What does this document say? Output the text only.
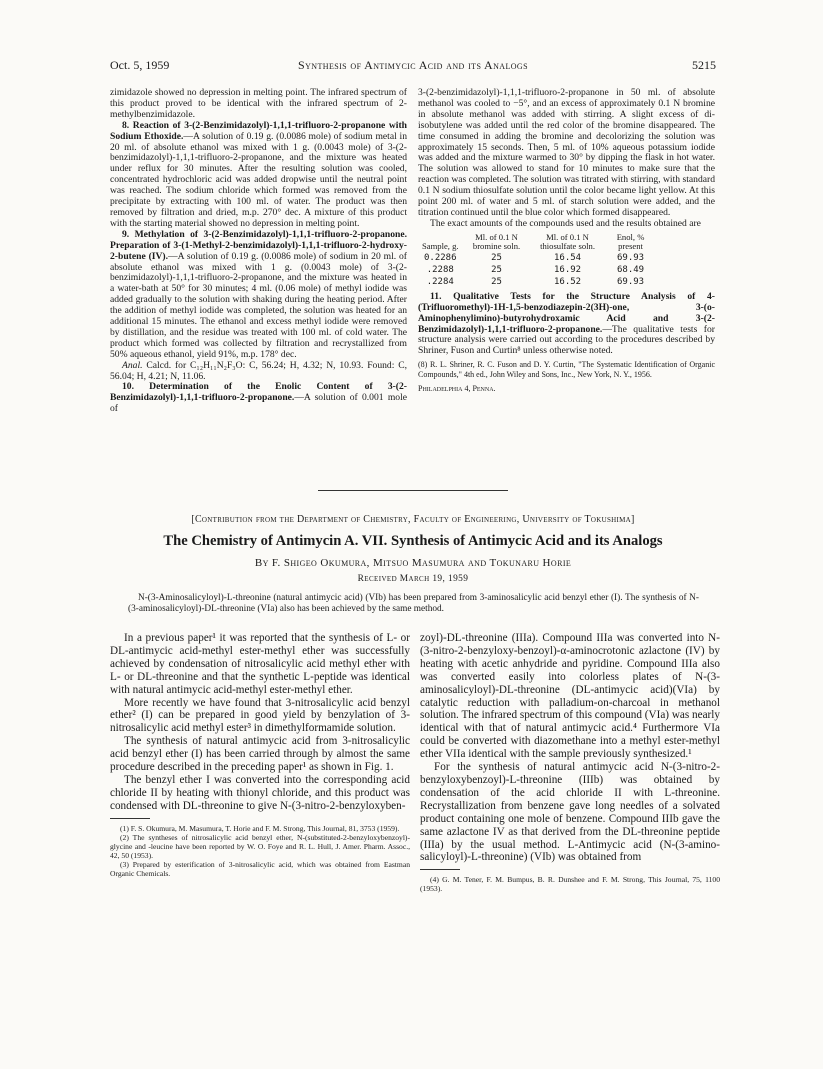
Oct. 5, 1959	Synthesis of Antimycic Acid and its Analogs	5215

zimidazole showed no depression in melting point. The infrared spectrum of this product proved to be identical with the infrared spectrum of 2-methylbenzimidazole.

8. Reaction of 3-(2-Benzimidazolyl)-1,1,1-trifluoro-2-propanone with Sodium Ethoxide.—A solution of 0.19 g. (0.0086 mole) of sodium metal in 20 ml. of absolute ethanol was mixed with 1 g. (0.0043 mole) of 3-(2-benzimidazolyl)-1,1,1-trifluoro-2-propanone, and the mixture was heated under reflux for 30 minutes. After the resulting solution was cooled, concentrated hydrochloric acid was added dropwise until the neutral point was reached. The sodium chloride which formed was removed from the precipitate by extracting with 100 ml. of water. The product was then removed by filtration and dried, m.p. 270° dec. A mixture of this product with the starting material showed no depression in melting point.

9. Methylation of 3-(2-Benzimidazolyl)-1,1,1-trifluoro-2-propanone. Preparation of 3-(1-Methyl-2-benzimidazolyl)-1,1,1-trifluoro-2-hydroxy-2-butene (IV).—A solution of 0.19 g. (0.0086 mole) of sodium in 20 ml. of absolute ethanol was mixed with 1 g. (0.0043 mole) of 3-(2-benzimidazolyl)-1,1,1-trifluoro-2-propanone, and the mixture was heated in a water-bath at 50° for 30 minutes; 4 ml. (0.06 mole) of methyl iodide was added gradually to the solution with shaking during the heating period. After the addition of methyl iodide was completed, the solution was heated for an additional 15 minutes. The ethanol and excess methyl iodide were removed by distillation, and the residue was treated with 100 ml. of cold water. The product which formed was collected by filtration and recrystallized from 50% aqueous ethanol, yield 91%, m.p. 178° dec.

Anal. Calcd. for C₁₂H₁₁N₂F₃O: C, 56.24; H, 4.32; N, 10.93. Found: C, 56.04; H, 4.21; N, 11.06.

10. Determination of the Enolic Content of 3-(2-Benzimidazolyl)-1,1,1-trifluoro-2-propanone.—A solution of 0.001 mole of

3-(2-benzimidazolyl)-1,1,1-trifluoro-2-propanone in 50 ml. of absolute methanol was cooled to −5°, and an excess of approximately 0.1 N bromine in absolute methanol was added with stirring. A slight excess of di-isobutylene was added until the red color of the bromine disappeared. The time consumed in adding the bromine and decolorizing the solution was approximately 15 seconds. Then, 5 ml. of 10% aqueous potassium iodide was added and the mixture warmed to 30° by dipping the flask in hot water. The solution was allowed to stand for 10 minutes to make sure that the reaction was completed. The solution was titrated with stirring, with standard 0.1 N sodium thiosulfate solution until the color became light yellow. At this point 200 ml. of water and 5 ml. of starch solution were added, and the titration continued until the blue color which formed disappeared.

The exact amounts of the compounds used and the results obtained are

Sample, g.	Ml. of 0.1 N bromine soln.	Ml. of 0.1 N thiosulfate soln.	Enol, % present
0.2286	25	16.54	69.93
.2288	25	16.92	68.49
.2284	25	16.52	69.93

11. Qualitative Tests for the Structure Analysis of 4-(Trifluoromethyl)-1H-1,5-benzodiazepin-2(3H)-one, 3-(o-Aminophenylimino)-butyrohydroxamic Acid and 3-(2-Benzimidazolyl)-1,1,1-trifluoro-2-propanone.—The qualitative tests for structure analysis were carried out according to the procedures described by Shriner, Fuson and Curtin⁸ unless otherwise noted.

(8) R. L. Shriner, R. C. Fuson and D. Y. Curtin, "The Systematic Identification of Organic Compounds," 4th ed., John Wiley and Sons, Inc., New York, N. Y., 1956.
Philadelphia 4, Penna.
[Contribution from the Department of Chemistry, Faculty of Engineering, University of Tokushima]
The Chemistry of Antimycin A. VII. Synthesis of Antimycic Acid and its Analogs
By F. Shigeo Okumura, Mitsuo Masumura and Tokunaru Horie
Received March 19, 1959
N-(3-Aminosalicyloyl)-L-threonine (natural antimycic acid) (VIb) has been prepared from 3-aminosalicylic acid benzyl ether (I). The synthesis of N-(3-aminosalicyloyl)-DL-threonine (VIa) also has been achieved by the same method.

In a previous paper¹ it was reported that the synthesis of L- or DL-antimycic acid-methyl ester-methyl ether was successfully achieved by condensation of nitrosalicylic acid methyl ether with L- or DL-threonine and that the synthetic L-peptide was identical with natural antimycic acid-methyl ester-methyl ether.

More recently we have found that 3-nitrosalicylic acid benzyl ether² (I) can be prepared in good yield by benzylation of 3-nitrosalicylic acid methyl ester³ in dimethylformamide solution.

The synthesis of natural antimycic acid from 3-nitrosalicylic acid benzyl ether (I) has been carried through by almost the same procedure described in the preceding paper¹ as shown in Fig. 1.

The benzyl ether I was converted into the corresponding acid chloride II by heating with thionyl chloride, and this product was condensed with DL-threonine to give N-(3-nitro-2-benzyloxyben-

(1) F. S. Okumura, M. Masumura, T. Horie and F. M. Strong, This Journal, 81, 3753 (1959).
(2) The syntheses of nitrosalicylic acid benzyl ether, N-(substituted-2-benzyloxybenzoyl)-glycine and -leucine have been reported by W. O. Foye and R. L. Hull, J. Amer. Pharm. Assoc., 42, 50 (1953).
(3) Prepared by esterification of 3-nitrosalicylic acid, which was obtained from Eastman Organic Chemicals.

zoyl)-DL-threonine (IIIa). Compound IIIa was converted into N-(3-nitro-2-benzyloxy-benzoyl)-α-aminocrotonic azlactone (IV) by heating with acetic anhydride and pyridine. Compound IIIa also was converted easily into colorless plates of N-(3-aminosalicyloyl)-DL-threonine (DL-antimycic acid)(VIa) by catalytic reduction with palladium-on-charcoal in methanol solution. The infrared spectrum of this compound (VIa) was nearly identical with that of natural antimycic acid.⁴ Furthermore VIa could be converted with diazomethane into a methyl ester-methyl ether VIIa identical with the sample previously synthesized.¹

For the synthesis of natural antimycic acid N-(3-nitro-2-benzyloxybenzoyl)-L-threonine (IIIb) was obtained by condensation of the acid chloride II with L-threonine. Recrystallization from benzene gave long needles of a solvated product containing one mole of benzene. Compound IIIb gave the same azlactone IV as that derived from the DL-threonine peptide (IIIa) by the usual method. L-Antimycic acid (N-(3-amino-salicyloyl)-L-threonine) (VIb) was obtained from

(4) G. M. Tener, F. M. Bumpus, B. R. Dunshee and F. M. Strong, This Journal, 75, 1100 (1953).
